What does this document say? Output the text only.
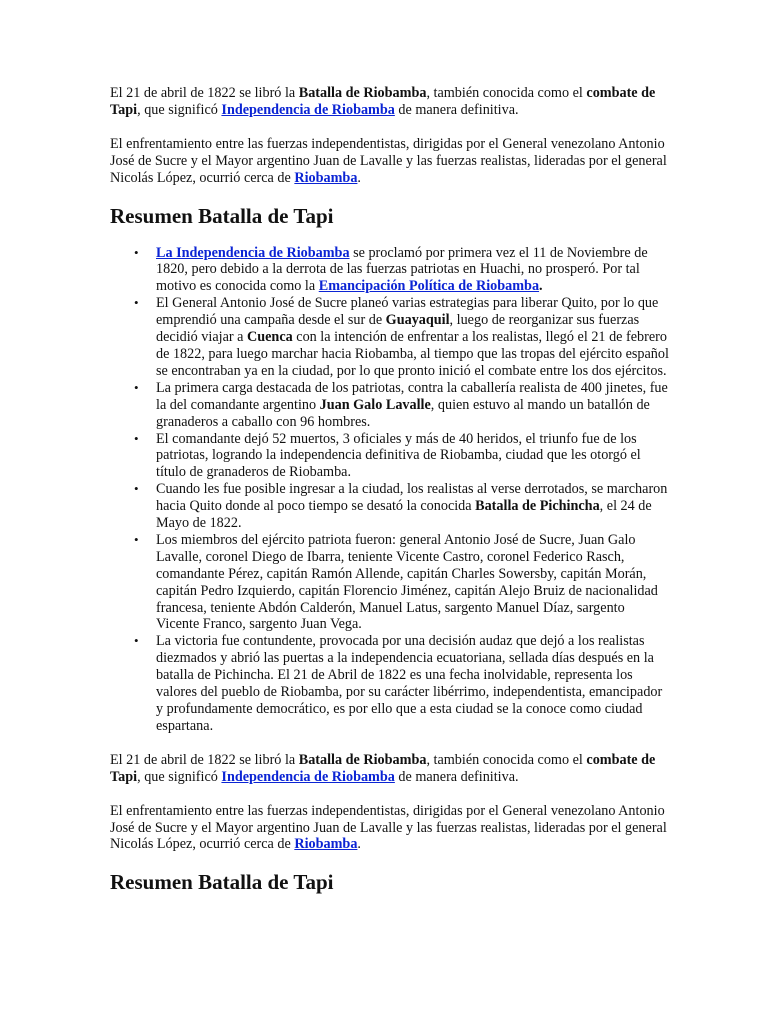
El 21 de abril de 1822 se libró la Batalla de Riobamba, también conocida como el combate de Tapi, que significó Independencia de Riobamba de manera definitiva.

El enfrentamiento entre las fuerzas independentistas, dirigidas por el General venezolano Antonio José de Sucre y el Mayor argentino Juan de Lavalle y las fuerzas realistas, lideradas por el general Nicolás López, ocurrió cerca de Riobamba.

Resumen Batalla de Tapi
• La Independencia de Riobamba se proclamó por primera vez el 11 de Noviembre de 1820, pero debido a la derrota de las fuerzas patriotas en Huachi, no prosperó. Por tal motivo es conocida como la Emancipación Política de Riobamba.
• El General Antonio José de Sucre planeó varias estrategias para liberar Quito, por lo que emprendió una campaña desde el sur de Guayaquil, luego de reorganizar sus fuerzas decidió viajar a Cuenca con la intención de enfrentar a los realistas, llegó el 21 de febrero de 1822, para luego marchar hacia Riobamba, al tiempo que las tropas del ejército español se encontraban ya en la ciudad, por lo que pronto inició el combate entre los dos ejércitos.
• La primera carga destacada de los patriotas, contra la caballería realista de 400 jinetes, fue la del comandante argentino Juan Galo Lavalle, quien estuvo al mando un batallón de granaderos a caballo con 96 hombres.
• El comandante dejó 52 muertos, 3 oficiales y más de 40 heridos, el triunfo fue de los patriotas, logrando la independencia definitiva de Riobamba, ciudad que les otorgó el título de granaderos de Riobamba.
• Cuando les fue posible ingresar a la ciudad, los realistas al verse derrotados, se marcharon hacia Quito donde al poco tiempo se desató la conocida Batalla de Pichincha, el 24 de Mayo de 1822.
• Los miembros del ejército patriota fueron: general Antonio José de Sucre, Juan Galo Lavalle, coronel Diego de Ibarra, teniente Vicente Castro, coronel Federico Rasch, comandante Pérez, capitán Ramón Allende, capitán Charles Sowersby, capitán Morán, capitán Pedro Izquierdo, capitán Florencio Jiménez, capitán Alejo Bruiz de nacionalidad francesa, teniente Abdón Calderón, Manuel Latus, sargento Manuel Díaz, sargento Vicente Franco, sargento Juan Vega.
• La victoria fue contundente, provocada por una decisión audaz que dejó a los realistas diezmados y abrió las puertas a la independencia ecuatoriana, sellada días después en la batalla de Pichincha. El 21 de Abril de 1822 es una fecha inolvidable, representa los valores del pueblo de Riobamba, por su carácter libérrimo, independentista, emancipador y profundamente democrático, es por ello que a esta ciudad se la conoce como ciudad espartana.

El 21 de abril de 1822 se libró la Batalla de Riobamba, también conocida como el combate de Tapi, que significó Independencia de Riobamba de manera definitiva.

El enfrentamiento entre las fuerzas independentistas, dirigidas por el General venezolano Antonio José de Sucre y el Mayor argentino Juan de Lavalle y las fuerzas realistas, lideradas por el general Nicolás López, ocurrió cerca de Riobamba.

Resumen Batalla de Tapi
